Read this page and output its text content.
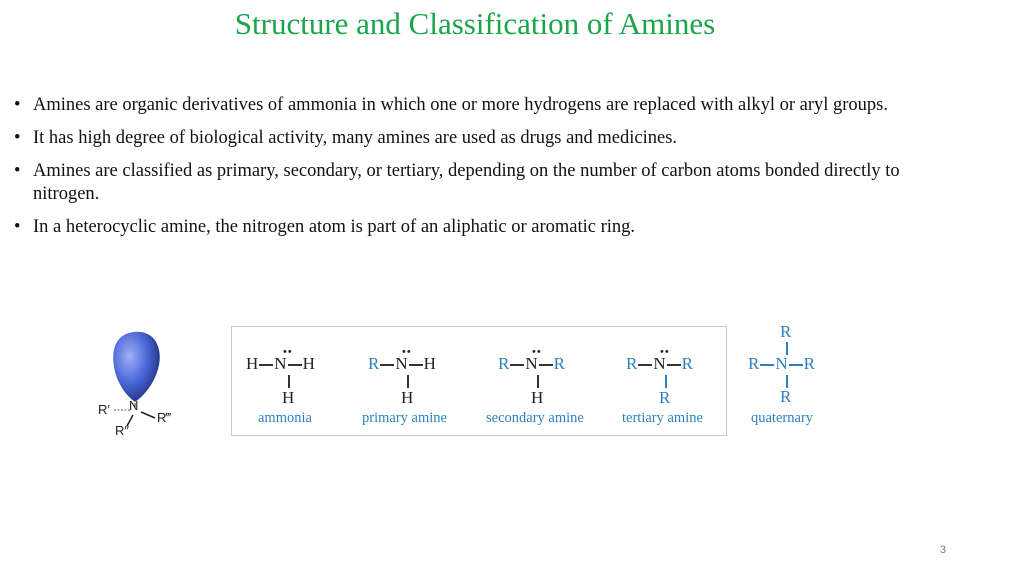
Structure and Classification of Amines
• Amines are organic derivatives of ammonia in which one or more hydrogens are replaced with alkyl or aryl groups.
• It has high degree of biological activity, many amines are used as drugs and medicines.
• Amines are classified as primary, secondary, or tertiary, depending on the number of carbon atoms bonded directly to nitrogen.
• In a heterocyclic amine, the nitrogen atom is part of an aliphatic or aromatic ring.
N
R′
R″
R‴
••
H N H
H
ammonia
••
R N H
H
primary amine
••
R N R
H
secondary amine
••
R N R
R
tertiary amine
R
R N R
R
quaternary
3
